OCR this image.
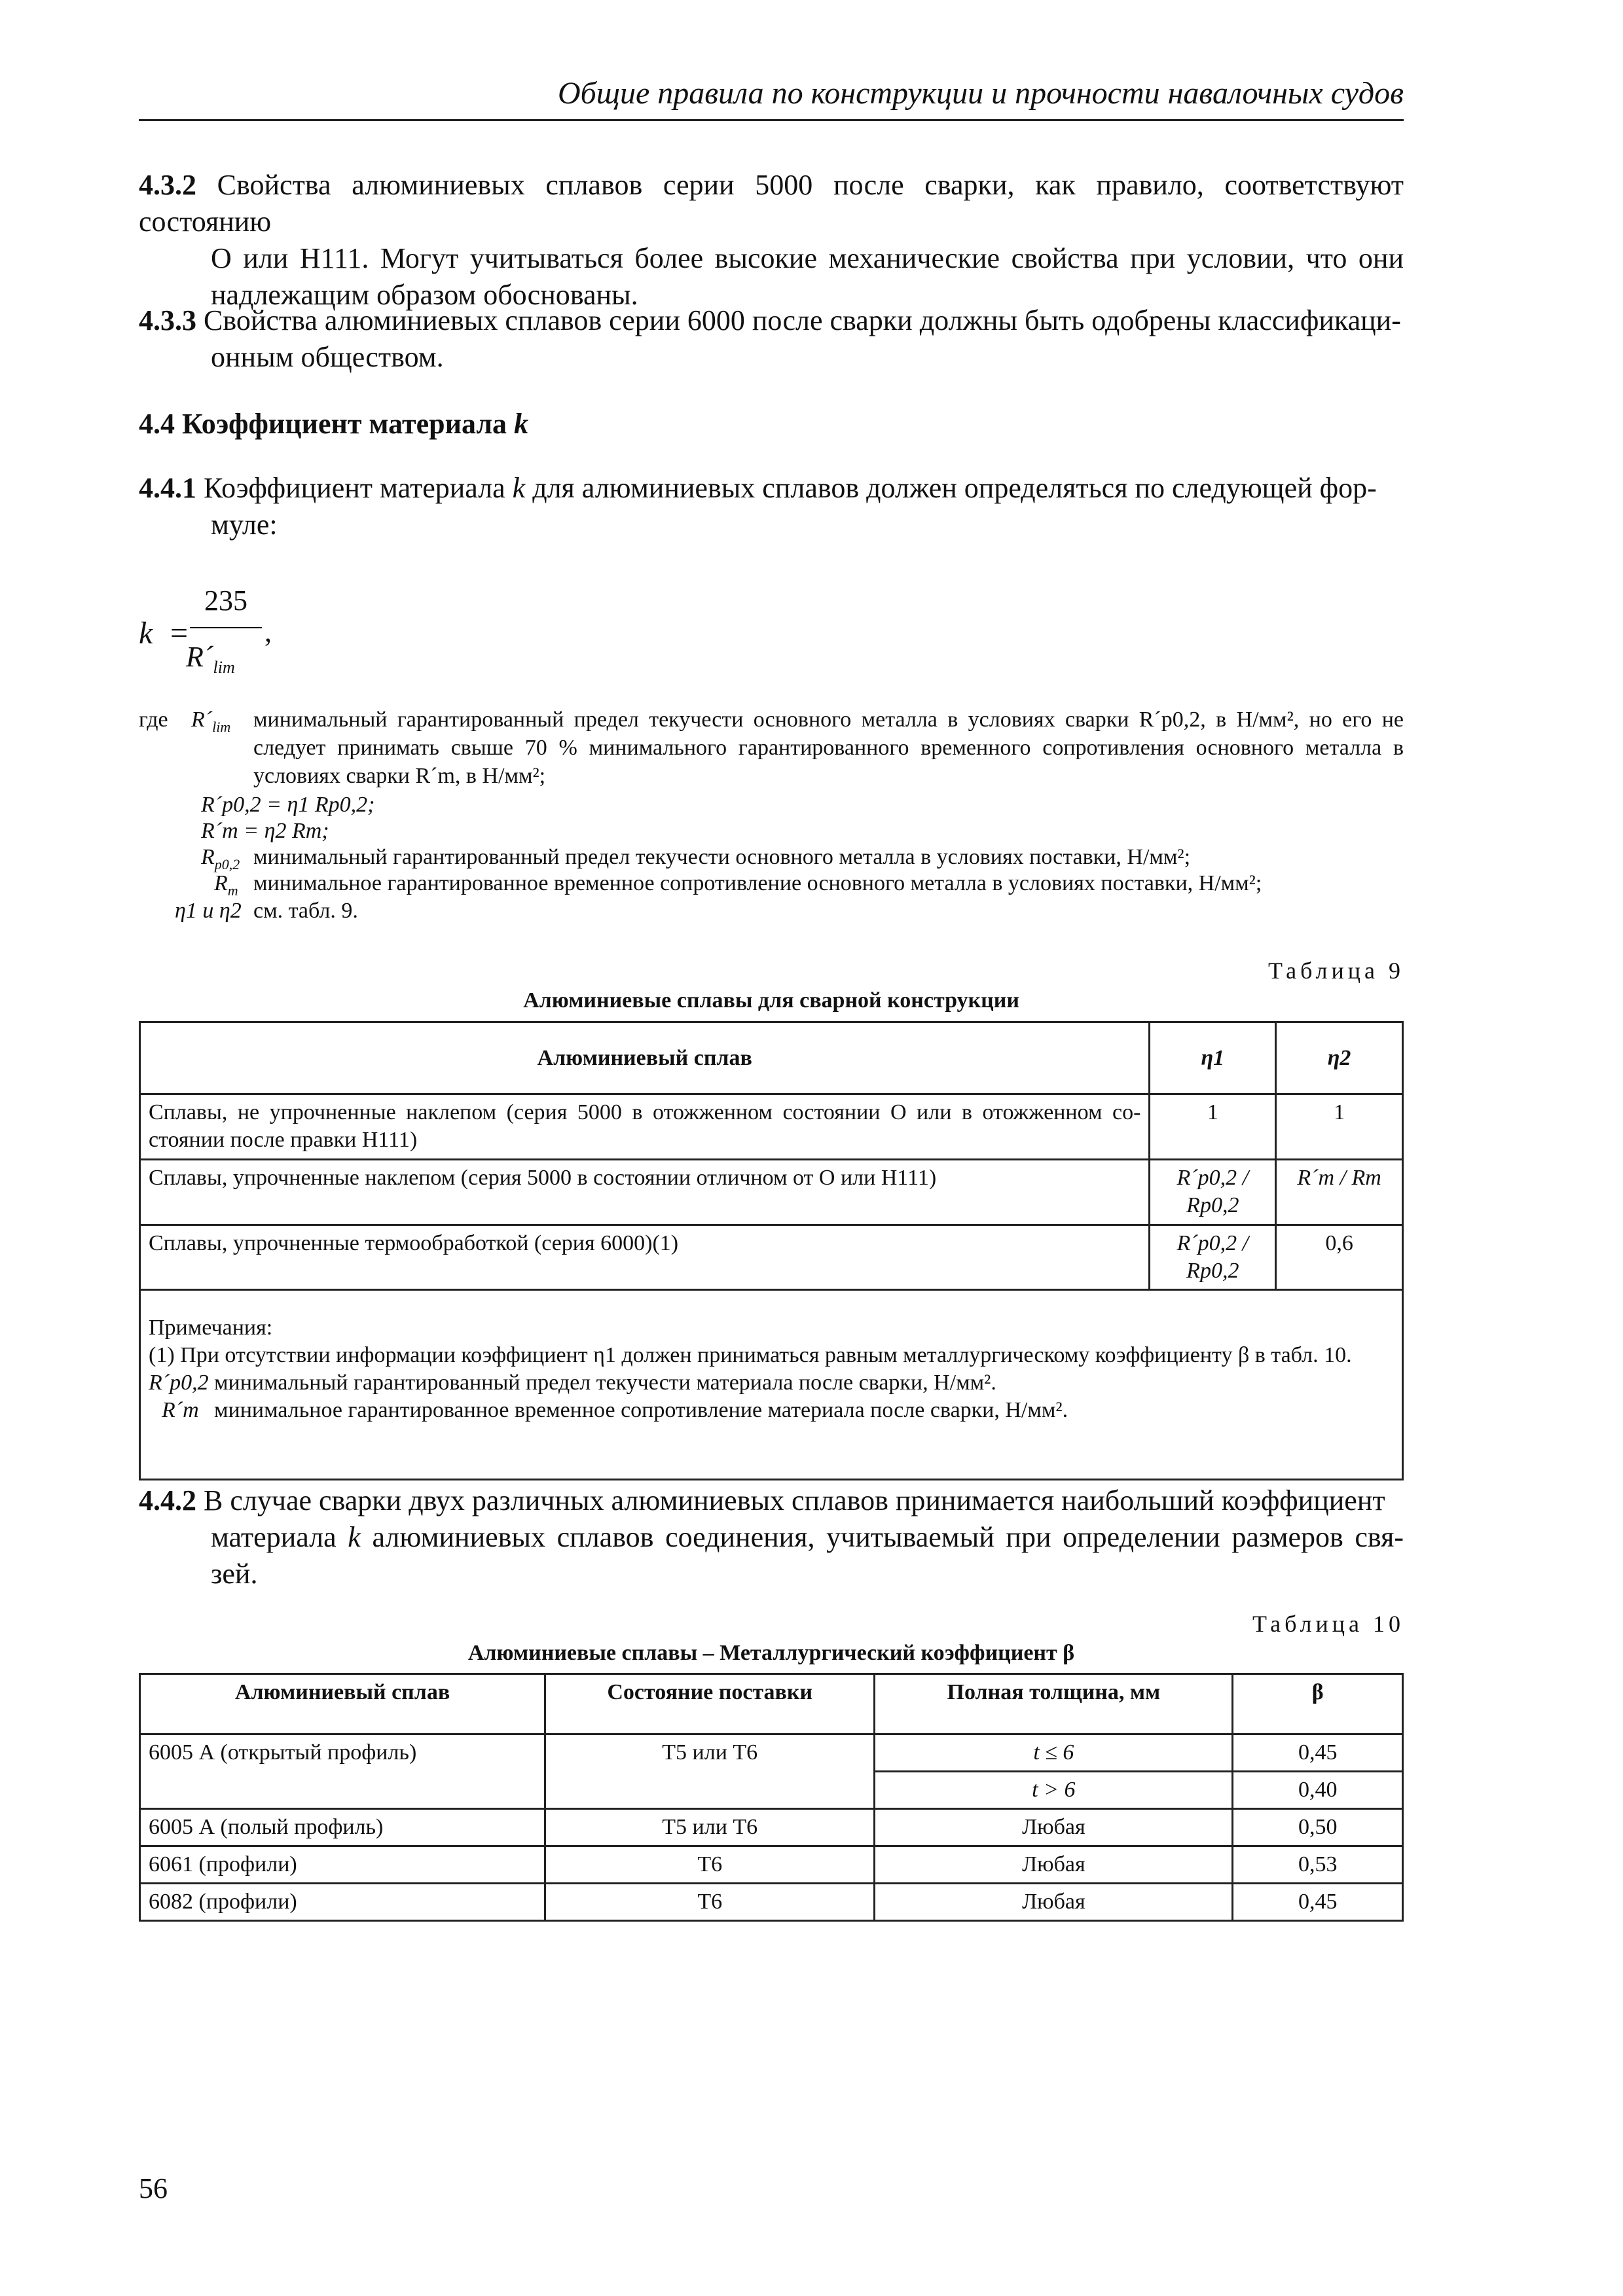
Общие правила по конструкции и прочности навалочных судов
4.3.2 Свойства алюминиевых сплавов серии 5000 после сварки, как правило, соответствуют состоянию
О или Н111. Могут учитываться более высокие механические свойства при условии, что они надлежащим образом обоснованы.
4.3.3 Свойства алюминиевых сплавов серии 6000 после сварки должны быть одобрены классификаци-
онным обществом.
4.4 Коэффициент материала k
4.4.1 Коэффициент материала k для алюминиевых сплавов должен определяться по следующей фор-
муле:
k =
235
$R´_{lim}$
,
где $R´_{lim}$ минимальный гарантированный предел текучести основного металла в условиях сварки R´p0,2, в Н/мм², но его не следует принимать свыше 70 % минимального гарантированного временного сопротивления основного металла в условиях сварки R´m, в Н/мм²;
R´p0,2 = η1 Rp0,2;
R´m = η2 Rm;
$R_{p0,2}$ минимальный гарантированный предел текучести основного металла в условиях поставки, Н/мм²;
$R_m$ минимальное гарантированное временное сопротивление основного металла в условиях поставки, Н/мм²;
η1 и η2 см. табл. 9.
Таблица 9
Алюминиевые сплавы для сварной конструкции
Алюминиевый сплав	η1	η2
Сплавы, не упрочненные наклепом (серия 5000 в отожженном состоянии О или в отожженном со-стоянии после правки Н111)	1	1
Сплавы, упрочненные наклепом (серия 5000 в состоянии отличном от О или Н111)	R´p0,2 / Rp0,2	R´m / Rm
Сплавы, упрочненные термообработкой (серия 6000)(1)	R´p0,2 / Rp0,2	0,6

Примечания:
(1) При отсутствии информации коэффициент η1 должен приниматься равным металлургическому коэффициенту β в табл. 10.
R´p0,2 минимальный гарантированный предел текучести материала после сварки, Н/мм².
R´m минимальное гарантированное временное сопротивление материала после сварки, Н/мм².		
4.4.2 В случае сварки двух различных алюминиевых сплавов принимается наибольший коэффициент
материала k алюминиевых сплавов соединения, учитываемый при определении размеров свя-зей.
Таблица 10
Алюминиевые сплавы – Металлургический коэффициент β
Алюминиевый сплав	Состояние поставки	Полная толщина, мм	β
6005 А (открытый профиль)	Т5 или Т6	t ≤ 6	0,45
		t > 6	0,40
6005 А (полый профиль)	Т5 или Т6	Любая	0,50
6061 (профили)	Т6	Любая	0,53
6082 (профили)	Т6	Любая	0,45
56
